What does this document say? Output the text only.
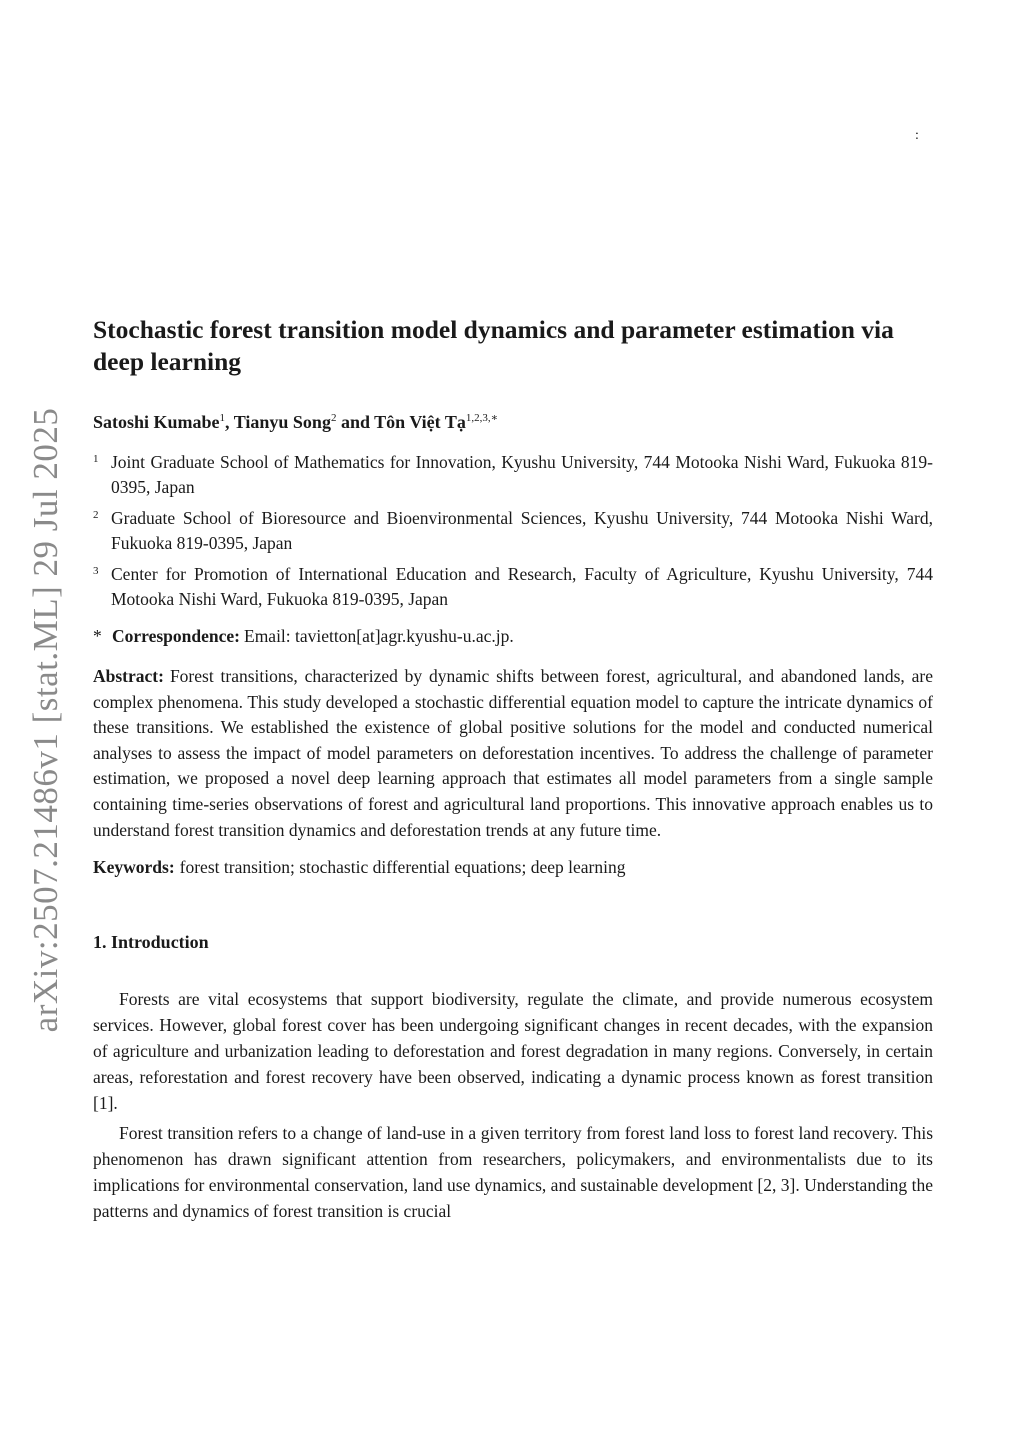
:
arXiv:2507.21486v1 [stat.ML] 29 Jul 2025
Stochastic forest transition model dynamics and parameter estimation via deep learning
Satoshi Kumabe$^1$, Tianyu Song$^2$ and Tôn Việt Tạ$^{1,2,3,∗}$
1 Joint Graduate School of Mathematics for Innovation, Kyushu University, 744 Motooka Nishi Ward, Fukuoka 819-0395, Japan
2 Graduate School of Bioresource and Bioenvironmental Sciences, Kyushu University, 744 Motooka Nishi Ward, Fukuoka 819-0395, Japan
3 Center for Promotion of International Education and Research, Faculty of Agriculture, Kyushu University, 744 Motooka Nishi Ward, Fukuoka 819-0395, Japan
* Correspondence: Email: tavietton[at]agr.kyushu-u.ac.jp.
Abstract: Forest transitions, characterized by dynamic shifts between forest, agricultural, and abandoned lands, are complex phenomena. This study developed a stochastic differential equation model to capture the intricate dynamics of these transitions. We established the existence of global positive solutions for the model and conducted numerical analyses to assess the impact of model parameters on deforestation incentives. To address the challenge of parameter estimation, we proposed a novel deep learning approach that estimates all model parameters from a single sample containing time-series observations of forest and agricultural land proportions. This innovative approach enables us to understand forest transition dynamics and deforestation trends at any future time.
Keywords: forest transition; stochastic differential equations; deep learning
1. Introduction

Forests are vital ecosystems that support biodiversity, regulate the climate, and provide numerous ecosystem services. However, global forest cover has been undergoing significant changes in recent decades, with the expansion of agriculture and urbanization leading to deforestation and forest degradation in many regions. Conversely, in certain areas, reforestation and forest recovery have been observed, indicating a dynamic process known as forest transition [1].

Forest transition refers to a change of land-use in a given territory from forest land loss to forest land recovery. This phenomenon has drawn significant attention from researchers, policymakers, and environmentalists due to its implications for environmental conservation, land use dynamics, and sustainable development [2, 3]. Understanding the patterns and dynamics of forest transition is crucial
